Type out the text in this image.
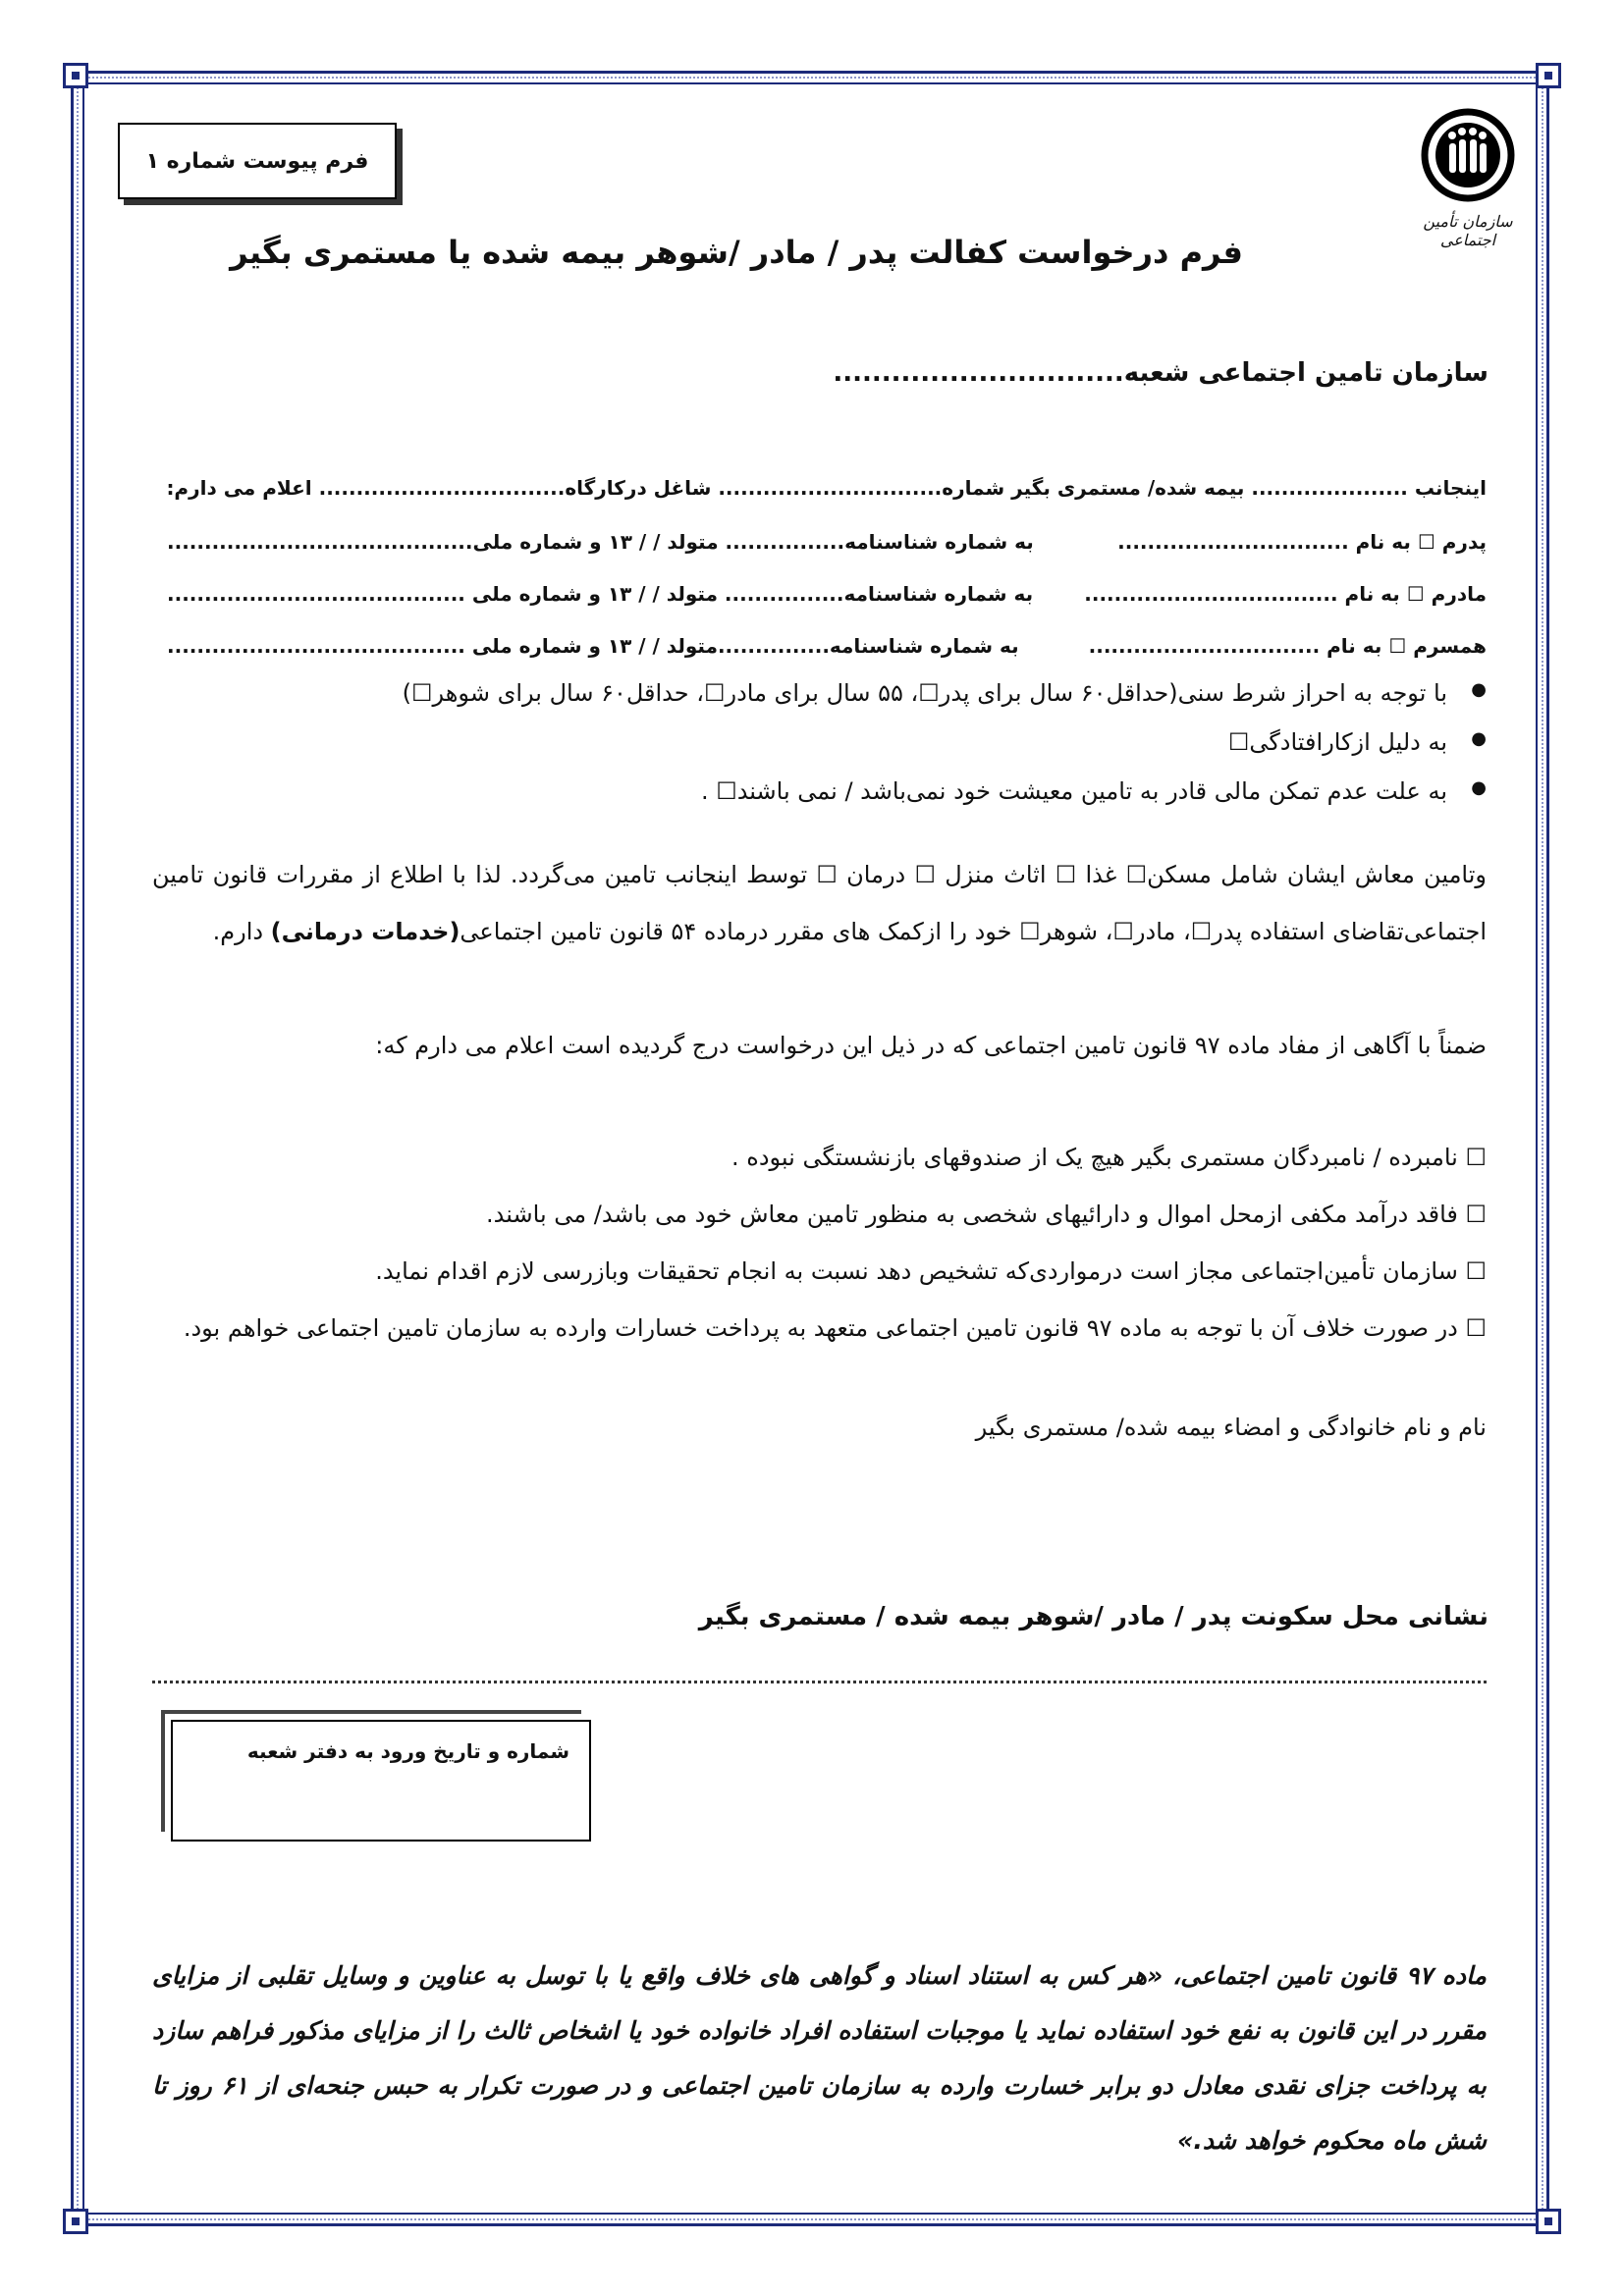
فرم پیوست شماره ۱
سازمان تأمین اجتماعی
فرم درخواست کفالت پدر / مادر /شوهر بیمه شده یا مستمری بگیر
سازمان تامین اجتماعی شعبه..............................
اینجانب ..................... بیمه شده/ مستمری بگیر شماره..................
............ شاغل درکارگاه
................................. اعلام می دارم:
پدرم ☐ به نام ...............................
به شماره شناسنامه................ متولد / / ۱۳ و شماره ملی.........................................
مادرم ☐ به نام ..................................
به شماره شناسنامه................ متولد / / ۱۳ و شماره ملی ........................................
همسرم ☐ به نام ...............................
به شماره شناسنامه...............متولد / / ۱۳ و شماره ملی ........................................
● با توجه به احراز شرط سنی(حداقل۶۰ سال برای پدر☐، ۵۵ سال برای مادر☐، حداقل۶۰ سال برای شوهر☐)
● به دلیل ازکارافتادگی☐
● به علت عدم تمکن مالی قادر به تامین معیشت خود نمی‌باشد / نمی باشند☐ .
وتامین معاش ایشان شامل مسکن☐ غذا ☐ اثاث منزل ☐ درمان ☐ توسط اینجانب تامین می‌گردد. لذا با اطلاع از مقررات قانون تامین اجتماعی‌تقاضای استفاده پدر☐، مادر☐، شوهر☐ خود را ازکمک های مقرر درماده ۵۴ قانون تامین اجتماعی(خدمات درمانی) دارم.
ضمناً با آگاهی از مفاد ماده ۹۷ قانون تامین اجتماعی که در ذیل این درخواست درج گردیده است اعلام می دارم که:
☐ نامبرده / نامبردگان مستمری بگیر هیچ یک از صندوقهای بازنشستگی نبوده .
☐ فاقد درآمد مکفی ازمحل اموال و دارائیهای شخصی به منظور تامین معاش خود می باشد/ می باشند.
☐ سازمان تأمین‌اجتماعی مجاز است درمواردی‌که تشخیص دهد نسبت به انجام تحقیقات وبازرسی لازم اقدام نماید.
☐ در صورت خلاف آن با توجه به ماده ۹۷ قانون تامین اجتماعی متعهد به پرداخت خسارات وارده به سازمان تامین اجتماعی خواهم بود.
نام و نام خانوادگی و امضاء بیمه شده/ مستمری بگیر
نشانی محل سکونت پدر / مادر /شوهر بیمه شده / مستمری بگیر
شماره و تاریخ ورود به دفتر شعبه
ماده ۹۷ قانون تامین اجتماعی، «هر کس به استناد اسناد و گواهی های خلاف واقع یا با توسل به عناوین و وسایل تقلبی از مزایای مقرر در این قانون به نفع خود استفاده نماید یا موجبات استفاده افراد خانواده خود یا اشخاص ثالث را از مزایای مذکور فراهم سازد به پرداخت جزای نقدی معادل دو برابر خسارت وارده به سازمان تامین اجتماعی و در صورت تکرار به حبس جنحه‌ای از ۶۱ روز تا شش ماه محکوم خواهد شد.»
